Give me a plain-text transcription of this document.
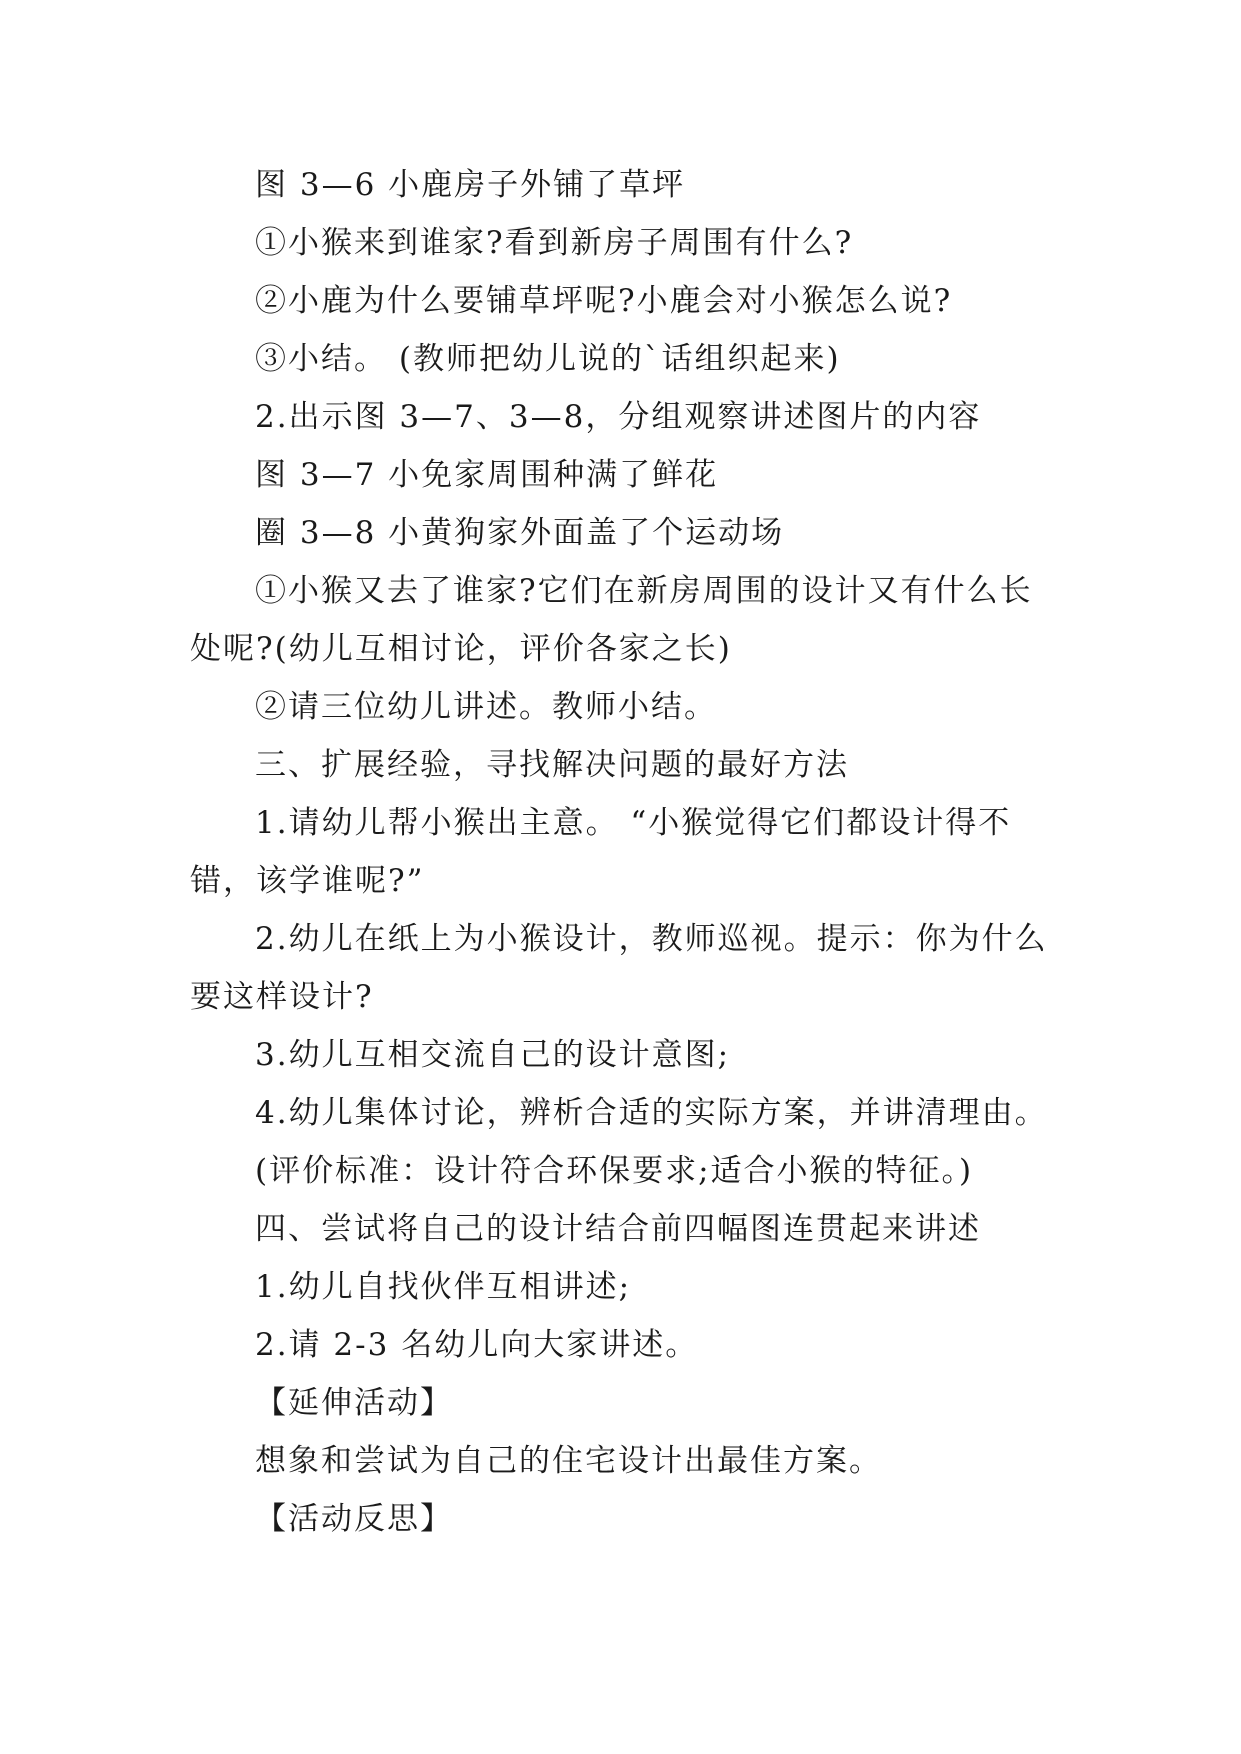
图 3—6 小鹿房子外铺了草坪
①小猴来到谁家?看到新房子周围有什么?
②小鹿为什么要铺草坪呢?小鹿会对小猴怎么说?
③小结。 (教师把幼儿说的`话组织起来)
2.出示图 3—7、3—8，分组观察讲述图片的内容
图 3—7 小免家周围种满了鲜花
圈 3—8 小黄狗家外面盖了个运动场
①小猴又去了谁家?它们在新房周围的设计又有什么长
处呢?(幼儿互相讨论，评价各家之长)
②请三位幼儿讲述。教师小结。
三、扩展经验，寻找解决问题的最好方法
1.请幼儿帮小猴出主意。 “小猴觉得它们都设计得不
错，该学谁呢?”
2.幼儿在纸上为小猴设计，教师巡视。提示：你为什么
要这样设计?
3.幼儿互相交流自己的设计意图;
4.幼儿集体讨论，辨析合适的实际方案，并讲清理由。
(评价标准：设计符合环保要求;适合小猴的特征。)
四、尝试将自己的设计结合前四幅图连贯起来讲述
1.幼儿自找伙伴互相讲述;
2.请 2-3 名幼儿向大家讲述。
【延伸活动】
想象和尝试为自己的住宅设计出最佳方案。
【活动反思】
